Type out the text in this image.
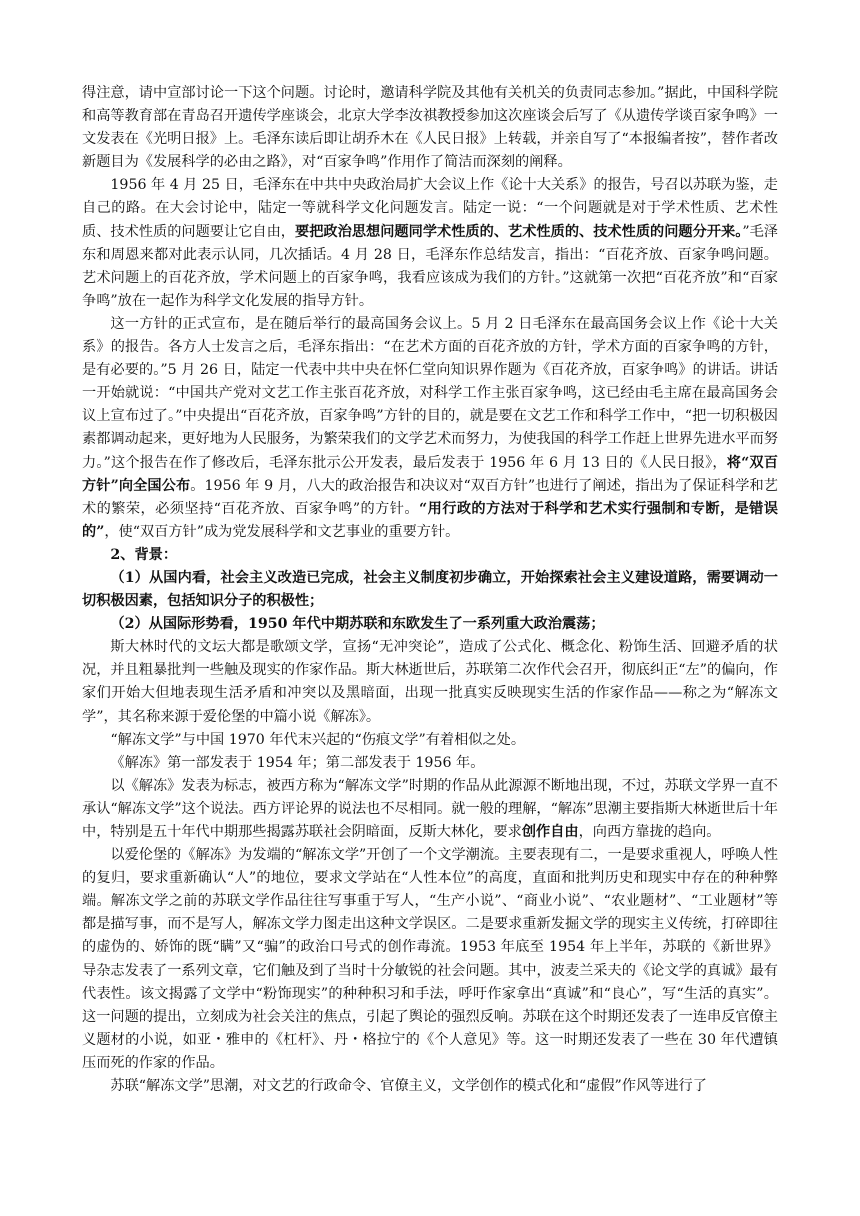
得注意，请中宣部讨论一下这个问题。讨论时，邀请科学院及其他有关机关的负责同志参加。”据此，中国科学院和高等教育部在青岛召开遗传学座谈会，北京大学李汝祺教授参加这次座谈会后写了《从遗传学谈百家争鸣》一文发表在《光明日报》上。毛泽东读后即让胡乔木在《人民日报》上转载，并亲自写了“本报编者按”，替作者改新题目为《发展科学的必由之路》，对“百家争鸣”作用作了简洁而深刻的阐释。

1956 年 4 月 25 日，毛泽东在中共中央政治局扩大会议上作《论十大关系》的报告，号召以苏联为鉴，走自己的路。在大会讨论中，陆定一等就科学文化问题发言。陆定一说：“一个问题就是对于学术性质、艺术性质、技术性质的问题要让它自由，要把政治思想问题同学术性质的、艺术性质的、技术性质的问题分开来。”毛泽东和周恩来都对此表示认同，几次插话。4 月 28 日，毛泽东作总结发言，指出：“百花齐放、百家争鸣问题。艺术问题上的百花齐放，学术问题上的百家争鸣，我看应该成为我们的方针。”这就第一次把“百花齐放”和“百家争鸣”放在一起作为科学文化发展的指导方针。

这一方针的正式宣布，是在随后举行的最高国务会议上。5 月 2 日毛泽东在最高国务会议上作《论十大关系》的报告。各方人士发言之后，毛泽东指出：“在艺术方面的百花齐放的方针，学术方面的百家争鸣的方针，是有必要的。”5 月 26 日，陆定一代表中共中央在怀仁堂向知识界作题为《百花齐放，百家争鸣》的讲话。讲话一开始就说：“中国共产党对文艺工作主张百花齐放，对科学工作主张百家争鸣，这已经由毛主席在最高国务会议上宣布过了。”中央提出“百花齐放，百家争鸣”方针的目的，就是要在文艺工作和科学工作中，“把一切积极因素都调动起来，更好地为人民服务，为繁荣我们的文学艺术而努力，为使我国的科学工作赶上世界先进水平而努力。”这个报告在作了修改后，毛泽东批示公开发表，最后发表于 1956 年 6 月 13 日的《人民日报》，将“双百方针”向全国公布。1956 年 9 月，八大的政治报告和决议对“双百方针”也进行了阐述，指出为了保证科学和艺术的繁荣，必须坚持“百花齐放、百家争鸣”的方针。“用行政的方法对于科学和艺术实行强制和专断，是错误的”，使“双百方针”成为党发展科学和文艺事业的重要方针。

2、背景：

（1）从国内看，社会主义改造已完成，社会主义制度初步确立，开始探索社会主义建设道路，需要调动一切积极因素，包括知识分子的积极性；

（2）从国际形势看，1950 年代中期苏联和东欧发生了一系列重大政治震荡；

斯大林时代的文坛大都是歌颂文学，宣扬“无冲突论”，造成了公式化、概念化、粉饰生活、回避矛盾的状况，并且粗暴批判一些触及现实的作家作品。斯大林逝世后，苏联第二次作代会召开，彻底纠正“左”的偏向，作家们开始大但地表现生活矛盾和冲突以及黑暗面，出现一批真实反映现实生活的作家作品——称之为“解冻文学”，其名称来源于爱伦堡的中篇小说《解冻》。

“解冻文学”与中国 1970 年代末兴起的“伤痕文学”有着相似之处。

《解冻》第一部发表于 1954 年；第二部发表于 1956 年。

以《解冻》发表为标志，被西方称为“解冻文学”时期的作品从此源源不断地出现，不过，苏联文学界一直不承认“解冻文学”这个说法。西方评论界的说法也不尽相同。就一般的理解，“解冻”思潮主要指斯大林逝世后十年中，特别是五十年代中期那些揭露苏联社会阴暗面，反斯大林化，要求创作自由，向西方靠拢的趋向。

以爱伦堡的《解冻》为发端的“解冻文学”开创了一个文学潮流。主要表现有二，一是要求重视人，呼唤人性的复归，要求重新确认“人”的地位，要求文学站在“人性本位”的高度，直面和批判历史和现实中存在的种种弊端。解冻文学之前的苏联文学作品往往写事重于写人，“生产小说”、“商业小说”、“农业题材”、“工业题材”等都是描写事，而不是写人，解冻文学力图走出这种文学误区。二是要求重新发掘文学的现实主义传统，打碎即往的虚伪的、娇饰的既“瞒”又“骗”的政治口号式的创作毒流。1953 年底至 1954 年上半年，苏联的《新世界》导杂志发表了一系列文章，它们触及到了当时十分敏锐的社会问题。其中，波麦兰采夫的《论文学的真诚》最有代表性。该文揭露了文学中“粉饰现实”的种种积习和手法，呼吁作家拿出“真诚”和“良心”，写“生活的真实”。这一问题的提出，立刻成为社会关注的焦点，引起了舆论的强烈反响。苏联在这个时期还发表了一连串反官僚主义题材的小说，如亚・雅申的《杠杆》、丹・格拉宁的《个人意见》等。这一时期还发表了一些在 30 年代遭镇压而死的作家的作品。

苏联“解冻文学”思潮，对文艺的行政命令、官僚主义，文学创作的模式化和“虚假”作风等进行了
